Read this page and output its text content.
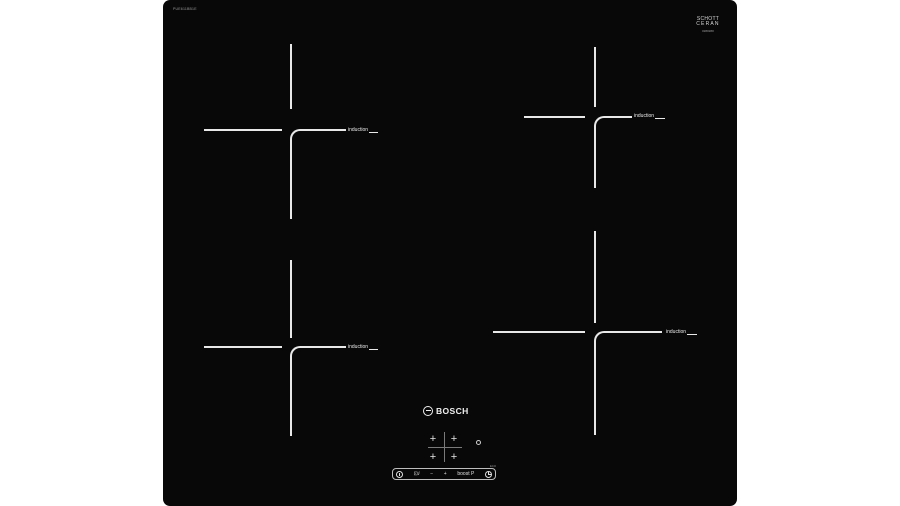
PUE611BB1E
SCHOTT
CERAN
#######
induction
induction
induction
induction
BOSCH
+ +
+ +
ECO
⊡ⅈ − + boost P
